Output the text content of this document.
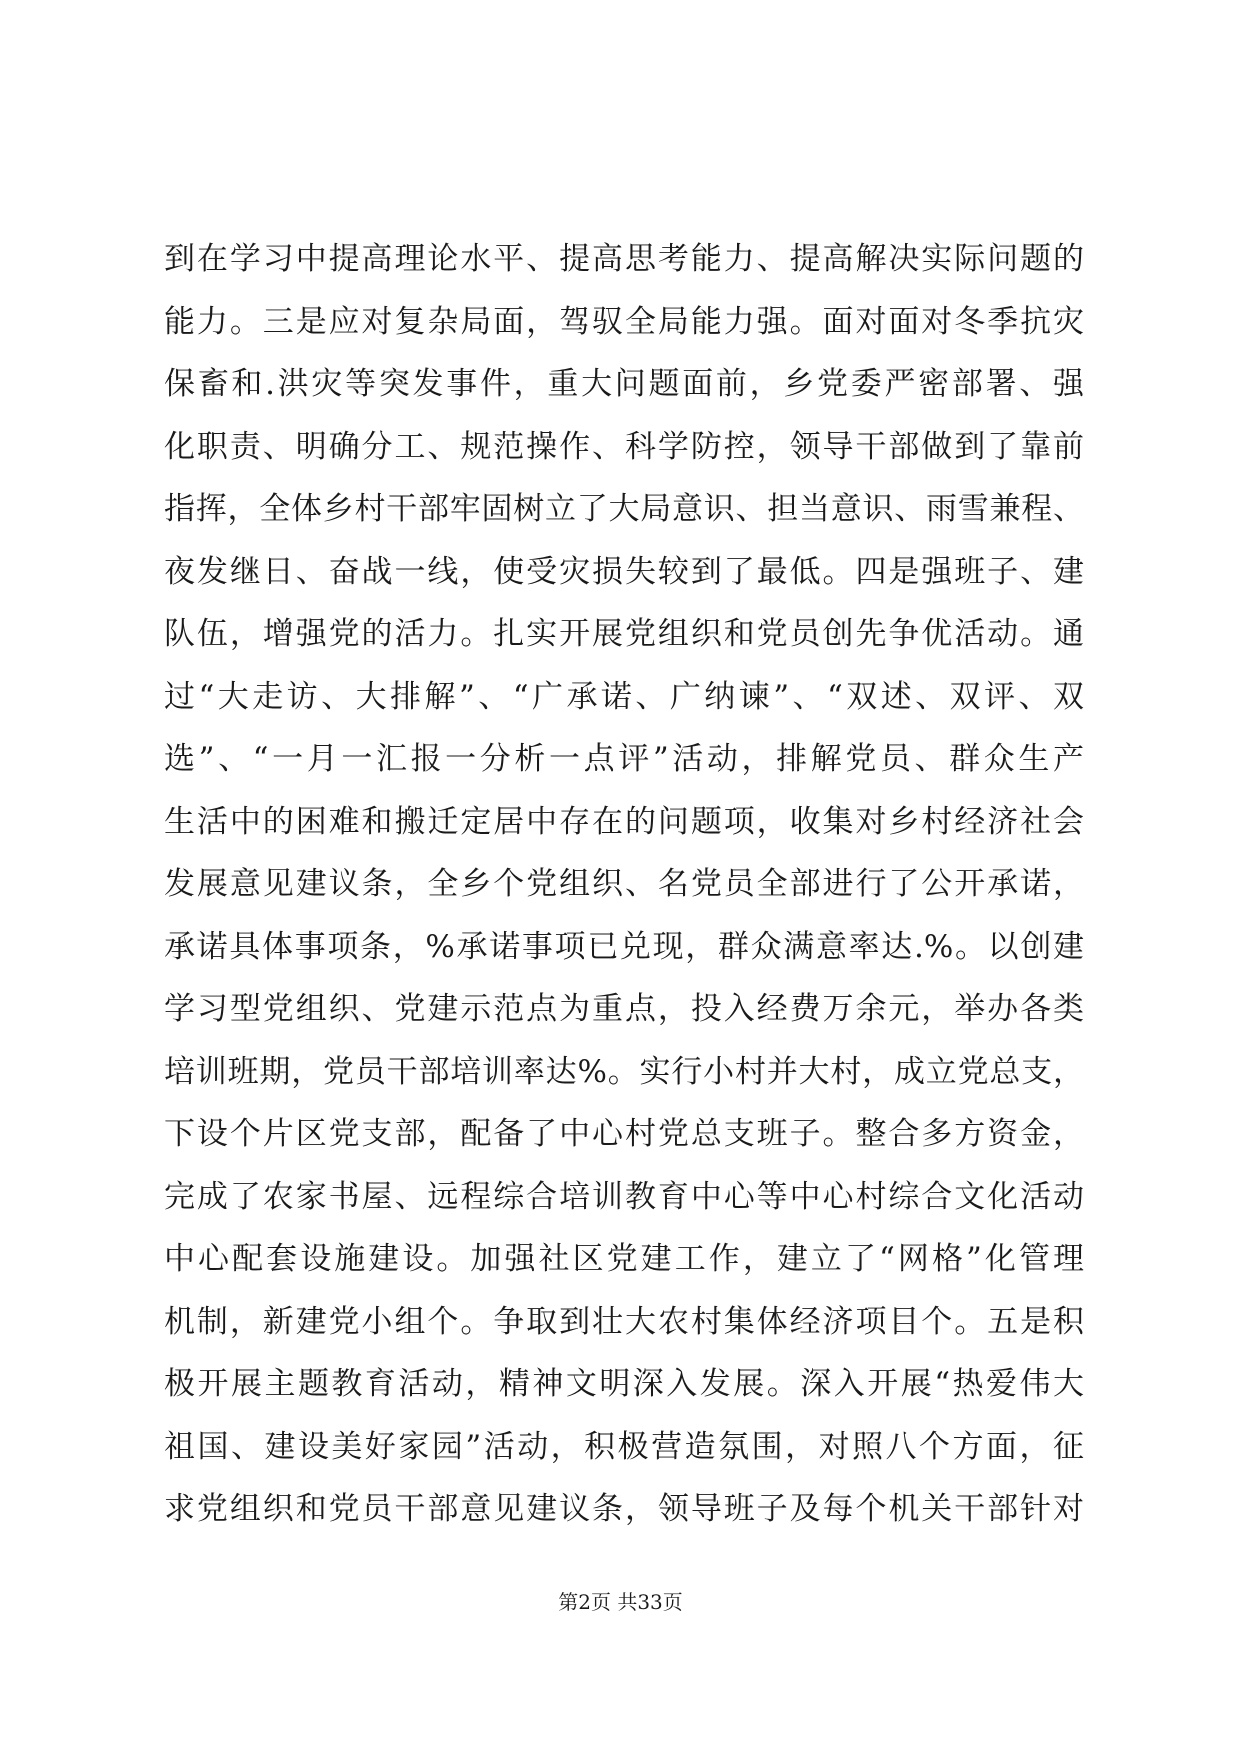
到在学习中提高理论水平、提高思考能力、提高解决实际问题的
能力。三是应对复杂局面，驾驭全局能力强。面对面对冬季抗灾
保畜和.洪灾等突发事件，重大问题面前，乡党委严密部署、强
化职责、明确分工、规范操作、科学防控，领导干部做到了靠前
指挥，全体乡村干部牢固树立了大局意识、担当意识、雨雪兼程、
夜发继日、奋战一线，使受灾损失较到了最低。四是强班子、建
队伍，增强党的活力。扎实开展党组织和党员创先争优活动。通
过“大走访、大排解”、“广承诺、广纳谏”、“双述、双评、双
选”、“一月一汇报一分析一点评”活动，排解党员、群众生产
生活中的困难和搬迁定居中存在的问题项，收集对乡村经济社会
发展意见建议条，全乡个党组织、名党员全部进行了公开承诺，
承诺具体事项条，%承诺事项已兑现，群众满意率达.%。以创建
学习型党组织、党建示范点为重点，投入经费万余元，举办各类
培训班期，党员干部培训率达%。实行小村并大村，成立党总支，
下设个片区党支部，配备了中心村党总支班子。整合多方资金，
完成了农家书屋、远程综合培训教育中心等中心村综合文化活动
中心配套设施建设。加强社区党建工作，建立了“网格”化管理
机制，新建党小组个。争取到壮大农村集体经济项目个。五是积
极开展主题教育活动，精神文明深入发展。深入开展“热爱伟大
祖国、建设美好家园”活动，积极营造氛围，对照八个方面，征
求党组织和党员干部意见建议条，领导班子及每个机关干部针对
第2页 共33页
